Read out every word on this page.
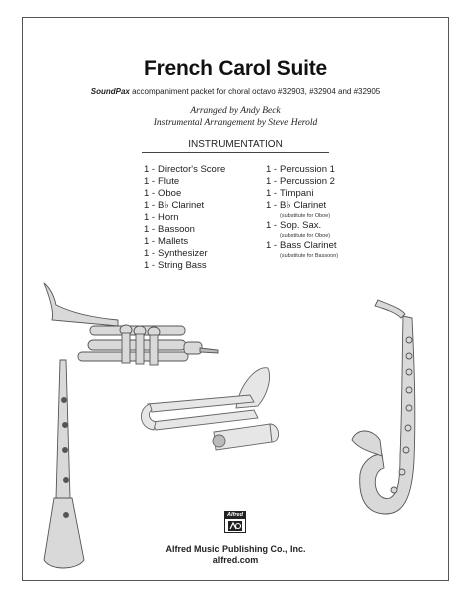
French Carol Suite
SoundPax accompaniment packet for choral octavo #32903, #32904 and #32905
Arranged by Andy Beck
Instrumental Arrangement by Steve Herold
INSTRUMENTATION
1 - Director's Score
1 - Flute
1 - Oboe
1 - B♭ Clarinet
1 - Horn
1 - Bassoon
1 - Mallets
1 - Synthesizer
1 - String Bass
1 - Percussion 1
1 - Percussion 2
1 - Timpani
1 - B♭ Clarinet
(substitute for Oboe)
1 - Sop. Sax.
(substitute for Oboe)
1 - Bass Clarinet
(substitute for Bassoon)
Alfred
Alfred Music Publishing Co., Inc.
alfred.com
